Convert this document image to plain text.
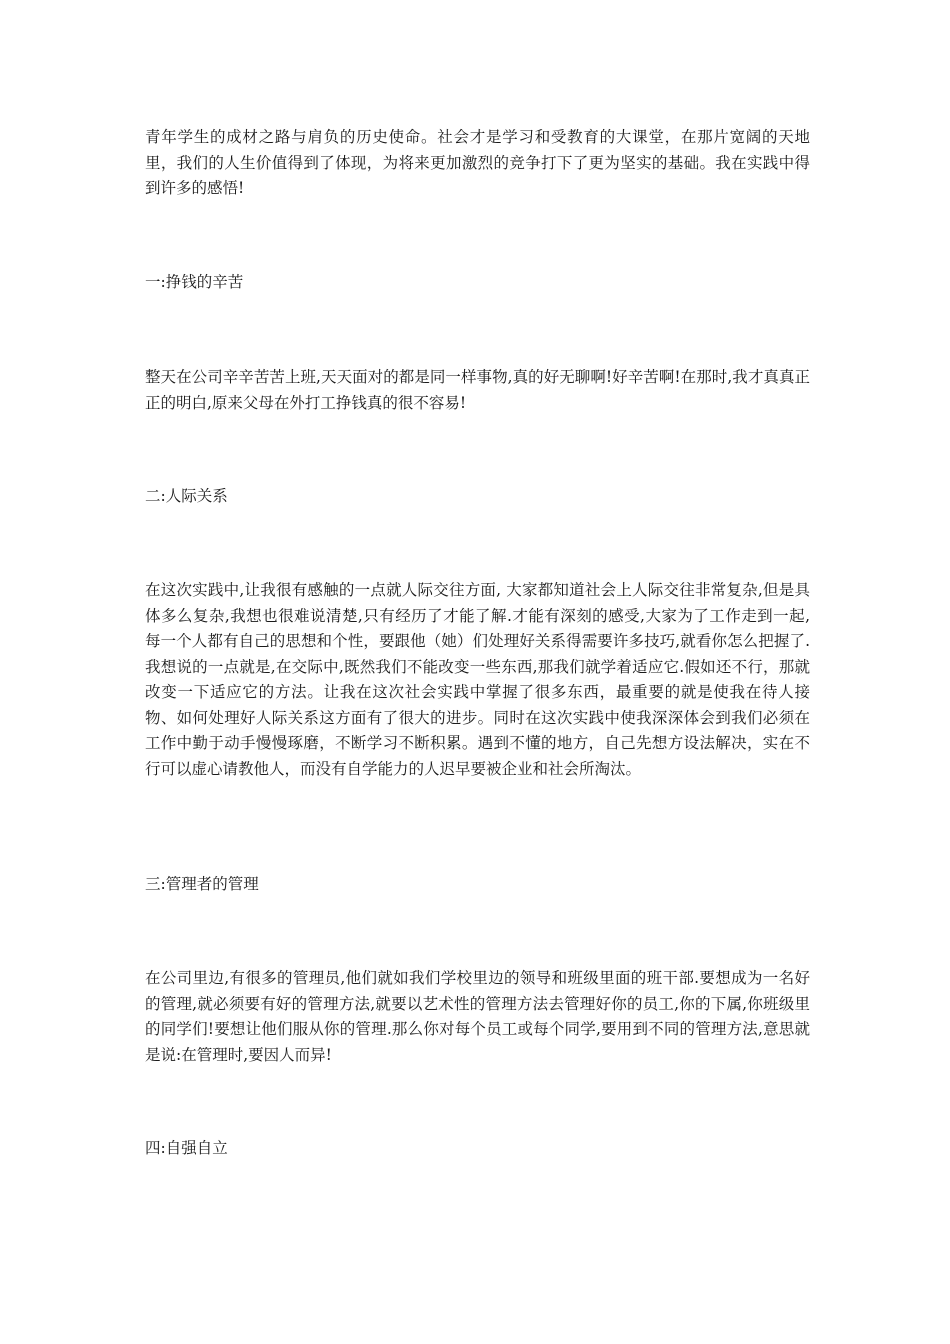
青年学生的成材之路与肩负的历史使命。社会才是学习和受教育的大课堂，在那片宽阔的天地里，我们的人生价值得到了体现，为将来更加激烈的竞争打下了更为坚实的基础。我在实践中得到许多的感悟!

一:挣钱的辛苦

整天在公司辛辛苦苦上班,天天面对的都是同一样事物,真的好无聊啊!好辛苦啊!在那时,我才真真正正的明白,原来父母在外打工挣钱真的很不容易!

二:人际关系

在这次实践中,让我很有感触的一点就人际交往方面, 大家都知道社会上人际交往非常复杂,但是具体多么复杂,我想也很难说清楚,只有经历了才能了解.才能有深刻的感受,大家为了工作走到一起, 每一个人都有自己的思想和个性，要跟他（她）们处理好关系得需要许多技巧,就看你怎么把握了.我想说的一点就是,在交际中,既然我们不能改变一些东西,那我们就学着适应它.假如还不行，那就改变一下适应它的方法。让我在这次社会实践中掌握了很多东西，最重要的就是使我在待人接物、如何处理好人际关系这方面有了很大的进步。同时在这次实践中使我深深体会到我们必须在工作中勤于动手慢慢琢磨，不断学习不断积累。遇到不懂的地方，自己先想方设法解决，实在不行可以虚心请教他人，而没有自学能力的人迟早要被企业和社会所淘汰。

三:管理者的管理

在公司里边,有很多的管理员,他们就如我们学校里边的领导和班级里面的班干部.要想成为一名好的管理,就必须要有好的管理方法,就要以艺术性的管理方法去管理好你的员工,你的下属,你班级里的同学们!要想让他们服从你的管理.那么你对每个员工或每个同学,要用到不同的管理方法,意思就是说:在管理时,要因人而异!

四:自强自立
